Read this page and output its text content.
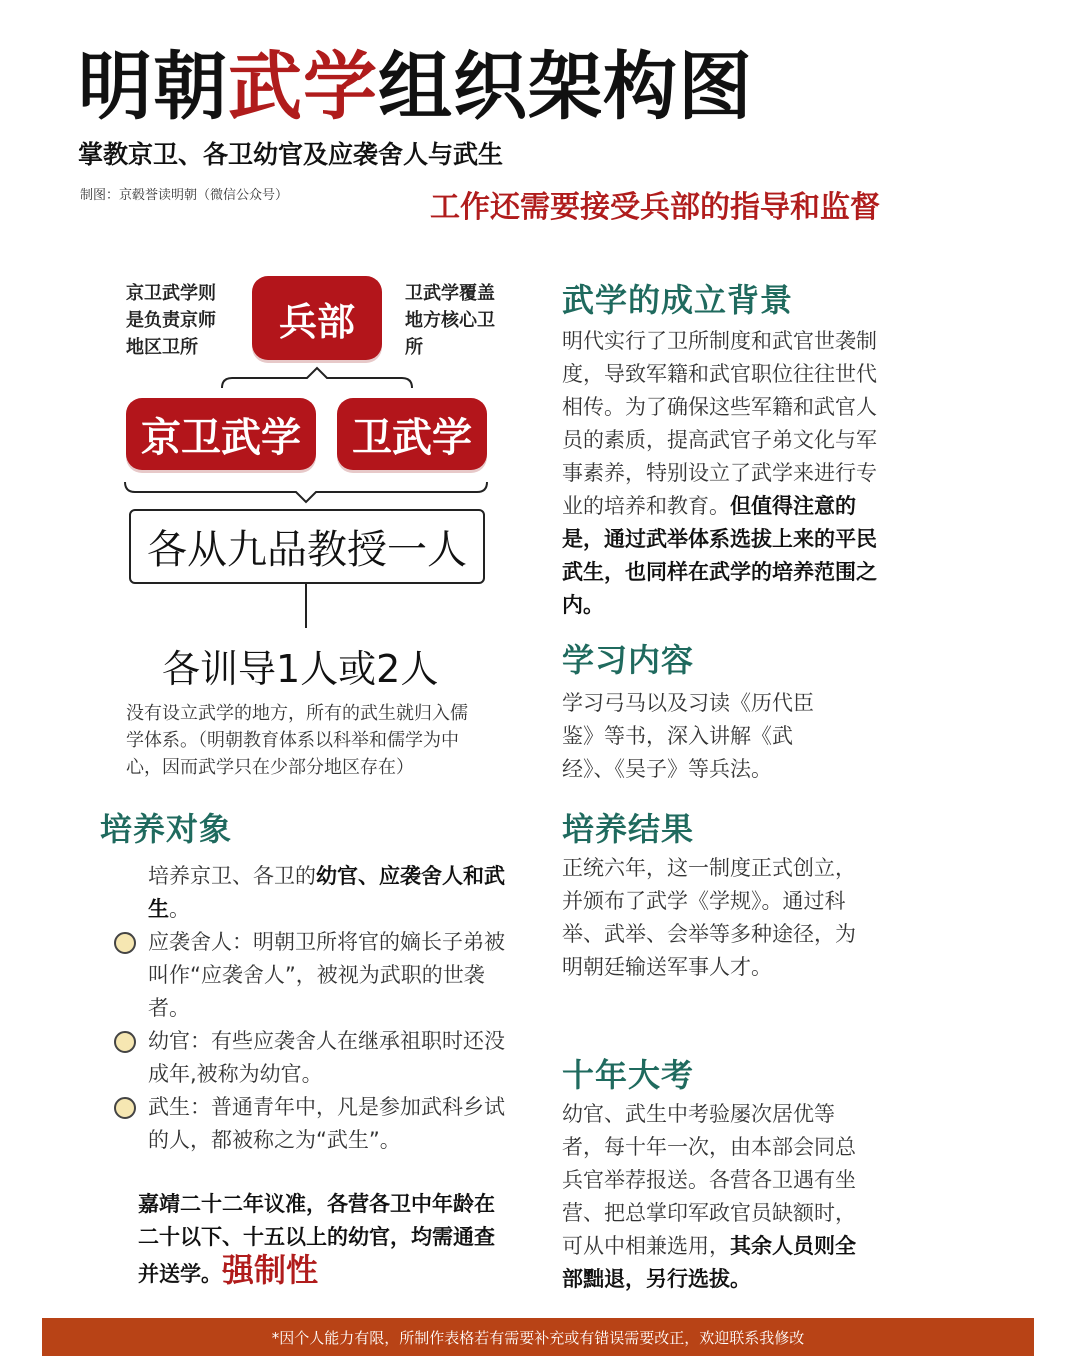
明朝武学组织架构图
掌教京卫、各卫幼官及应袭舍人与武生
制图：京毂誉读明朝（微信公众号）	工作还需要接受兵部的指导和监督
京卫武学则是负责京师地区卫所
兵部
卫武学覆盖地方核心卫所
京卫武学	卫武学
各从九品教授一人
各训导1人或2人
没有设立武学的地方，所有的武生就归入儒学体系。（明朝教育体系以科举和儒学为中心，因而武学只在少部分地区存在）
培养对象
培养京卫、各卫的幼官、应袭舍人和武生。
应袭舍人：明朝卫所将官的嫡长子弟被叫作“应袭舍人”，被视为武职的世袭者。
幼官：有些应袭舍人在继承祖职时还没成年,被称为幼官。
武生：普通青年中，凡是参加武科乡试的人，都被称之为“武生”。
嘉靖二十二年议准，各营各卫中年龄在二十以下、十五以上的幼官，均需通查并送学。强制性
武学的成立背景
明代实行了卫所制度和武官世袭制度，导致军籍和武官职位往往世代相传。为了确保这些军籍和武官人员的素质，提高武官子弟文化与军事素养，特别设立了武学来进行专业的培养和教育。但值得注意的是，通过武举体系选拔上来的平民武生，也同样在武学的培养范围之内。
学习内容
学习弓马以及习读《历代臣鉴》等书，深入讲解《武经》、《吴子》等兵法。
培养结果
正统六年，这一制度正式创立，并颁布了武学《学规》。通过科举、武举、会举等多种途径，为明朝廷输送军事人才。
十年大考
幼官、武生中考验屡次居优等者，每十年一次，由本部会同总兵官举荐报送。各营各卫遇有坐营、把总掌印军政官员缺额时，可从中相兼选用，其余人员则全部黜退，另行选拔。
*因个人能力有限，所制作表格若有需要补充或有错误需要改正，欢迎联系我修改
